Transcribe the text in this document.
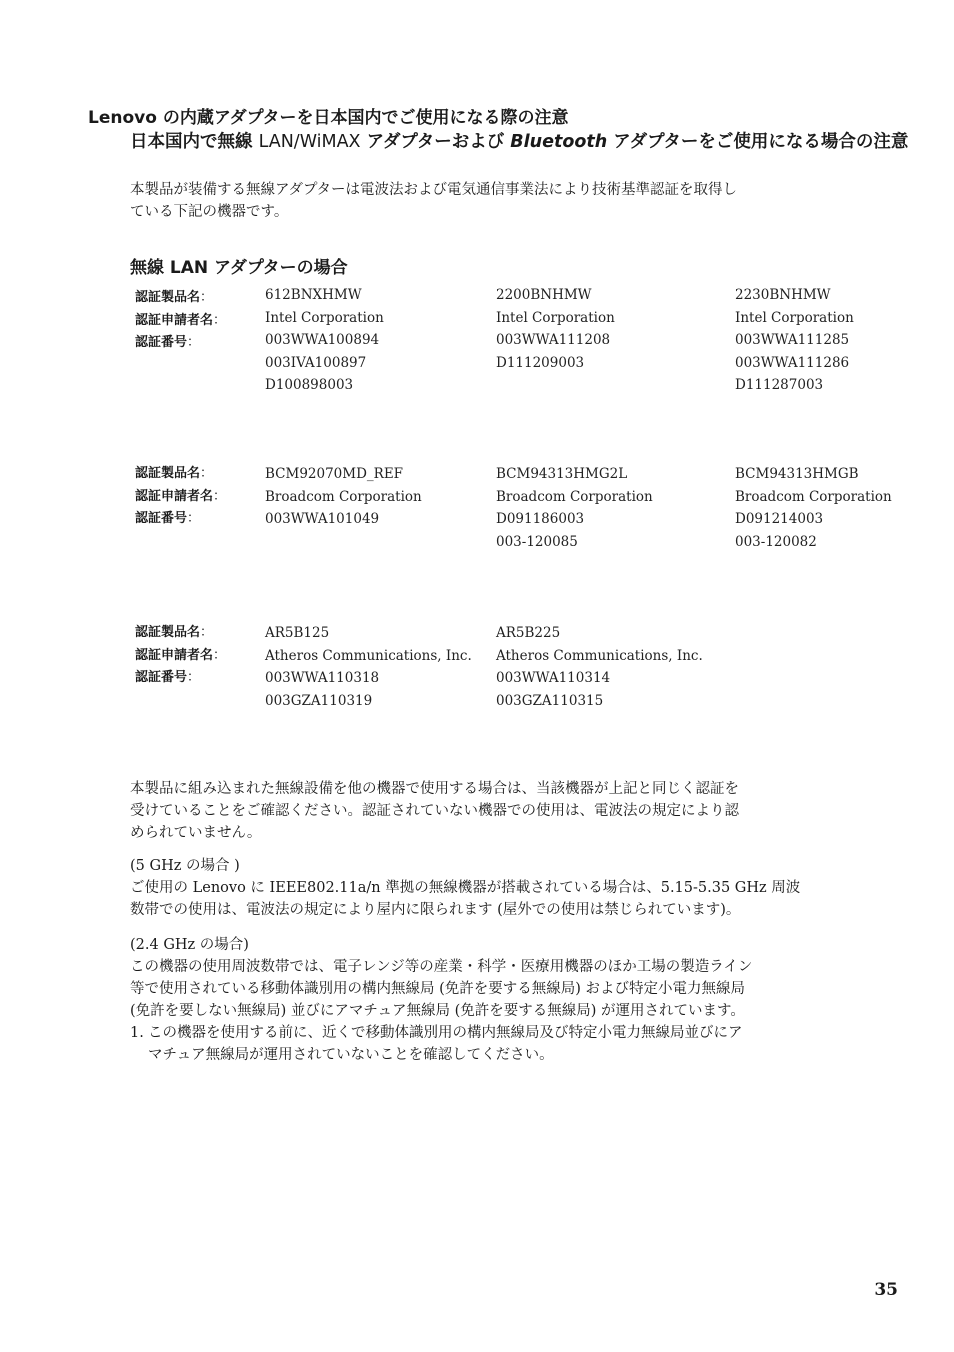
Lenovo の内蔵アダプターを日本国内でご使用になる際の注意
日本国内で無線 LAN/WiMAX アダプターおよび Bluetooth アダプターをご使用になる場合の注意
本製品が装備する無線アダプターは電波法および電気通信事業法により技術基準認証を取得し
ている下記の機器です。
無線 LAN アダプターの場合
認証製品名：
認証申請者名：
認証番号：
612BNXHMW
Intel Corporation
003WWA100894
003IVA100897
D100898003
2200BNHMW
Intel Corporation
003WWA111208
D111209003
2230BNHMW
Intel Corporation
003WWA111285
003WWA111286
D111287003
認証製品名：
認証申請者名：
認証番号：
BCM92070MD_REF
Broadcom Corporation
003WWA101049
BCM94313HMG2L
Broadcom Corporation
D091186003
003-120085
BCM94313HMGB
Broadcom Corporation
D091214003
003-120082
認証製品名：
認証申請者名：
認証番号：
AR5B125
Atheros Communications, Inc.
003WWA110318
003GZA110319
AR5B225
Atheros Communications, Inc.
003WWA110314
003GZA110315
本製品に組み込まれた無線設備を他の機器で使用する場合は、当該機器が上記と同じく認証を
受けていることをご確認ください。認証されていない機器での使用は、電波法の規定により認
められていません。
(5 GHz の場合 )
ご使用の Lenovo に IEEE802.11a/n 準拠の無線機器が搭載されている場合は、5.15-5.35 GHz 周波
数帯での使用は、電波法の規定により屋内に限られます (屋外での使用は禁じられています)。
(2.4 GHz の場合)
この機器の使用周波数帯では、電子レンジ等の産業・科学・医療用機器のほか工場の製造ライン
等で使用されている移動体識別用の構内無線局 (免許を要する無線局) および特定小電力無線局
(免許を要しない無線局) 並びにアマチュア無線局 (免許を要する無線局) が運用されています。
1. この機器を使用する前に、近くで移動体識別用の構内無線局及び特定小電力無線局並びにア
マチュア無線局が運用されていないことを確認してください。
35
